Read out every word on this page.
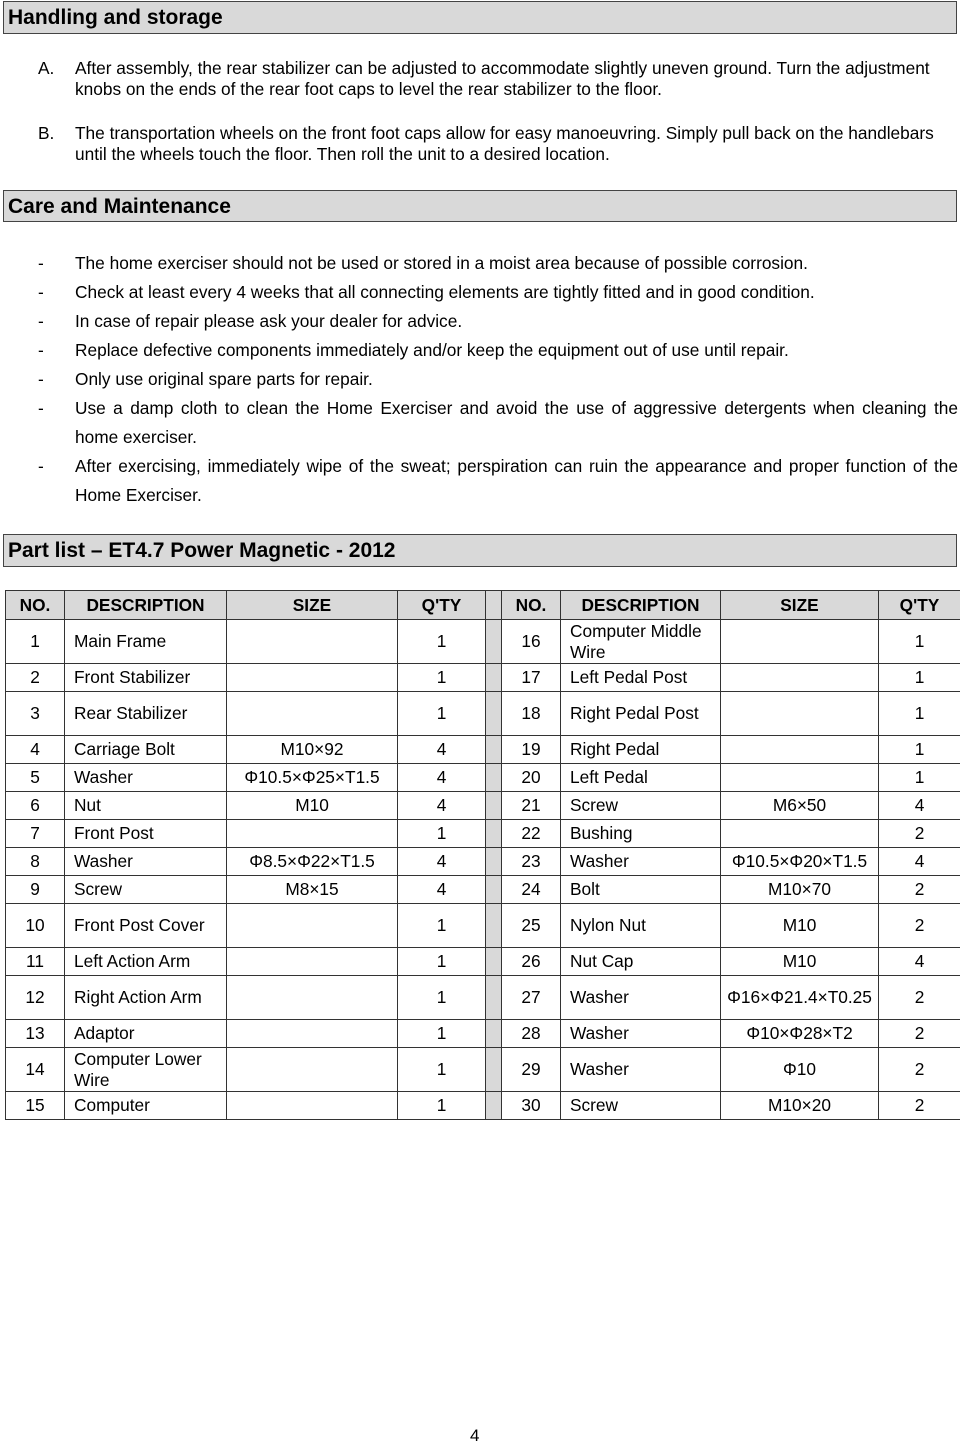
Handling and storage
A.	After assembly, the rear stabilizer can be adjusted to accommodate slightly uneven ground. Turn the adjustment knobs on the ends of the rear foot caps to level the rear stabilizer to the floor.
B.	The transportation wheels on the front foot caps allow for easy manoeuvring. Simply pull back on the handlebars until the wheels touch the floor. Then roll the unit to a desired location.
Care and Maintenance
-	The home exerciser should not be used or stored in a moist area because of possible corrosion.
-	Check at least every 4 weeks that all connecting elements are tightly fitted and in good condition.
-	In case of repair please ask your dealer for advice.
-	Replace defective components immediately and/or keep the equipment out of use until repair.
-	Only use original spare parts for repair.
-	Use a damp cloth to clean the Home Exerciser and avoid the use of aggressive detergents when cleaning the home exerciser.
-	After exercising, immediately wipe of the sweat; perspiration can ruin the appearance and proper function of the Home Exerciser.
Part list – ET4.7 Power Magnetic - 2012
NO.	DESCRIPTION	SIZE	Q'TY		NO.	DESCRIPTION	SIZE	Q'TY
1	Main Frame		1		16	Computer Middle Wire		1
2	Front Stabilizer		1		17	Left Pedal Post		1
3	Rear Stabilizer		1		18	Right Pedal Post		1
4	Carriage Bolt	M10×92	4		19	Right Pedal		1
5	Washer	Φ10.5×Φ25×T1.5	4		20	Left Pedal		1
6	Nut	M10	4		21	Screw	M6×50	4
7	Front Post		1		22	Bushing		2
8	Washer	Φ8.5×Φ22×T1.5	4		23	Washer	Φ10.5×Φ20×T1.5	4
9	Screw	M8×15	4		24	Bolt	M10×70	2
10	Front Post Cover		1		25	Nylon Nut	M10	2
11	Left Action Arm		1		26	Nut Cap	M10	4
12	Right Action Arm		1		27	Washer	Φ16×Φ21.4×T0.25	2
13	Adaptor		1		28	Washer	Φ10×Φ28×T2	2
14	Computer Lower Wire		1		29	Washer	Φ10	2
15	Computer		1		30	Screw	M10×20	2
4
